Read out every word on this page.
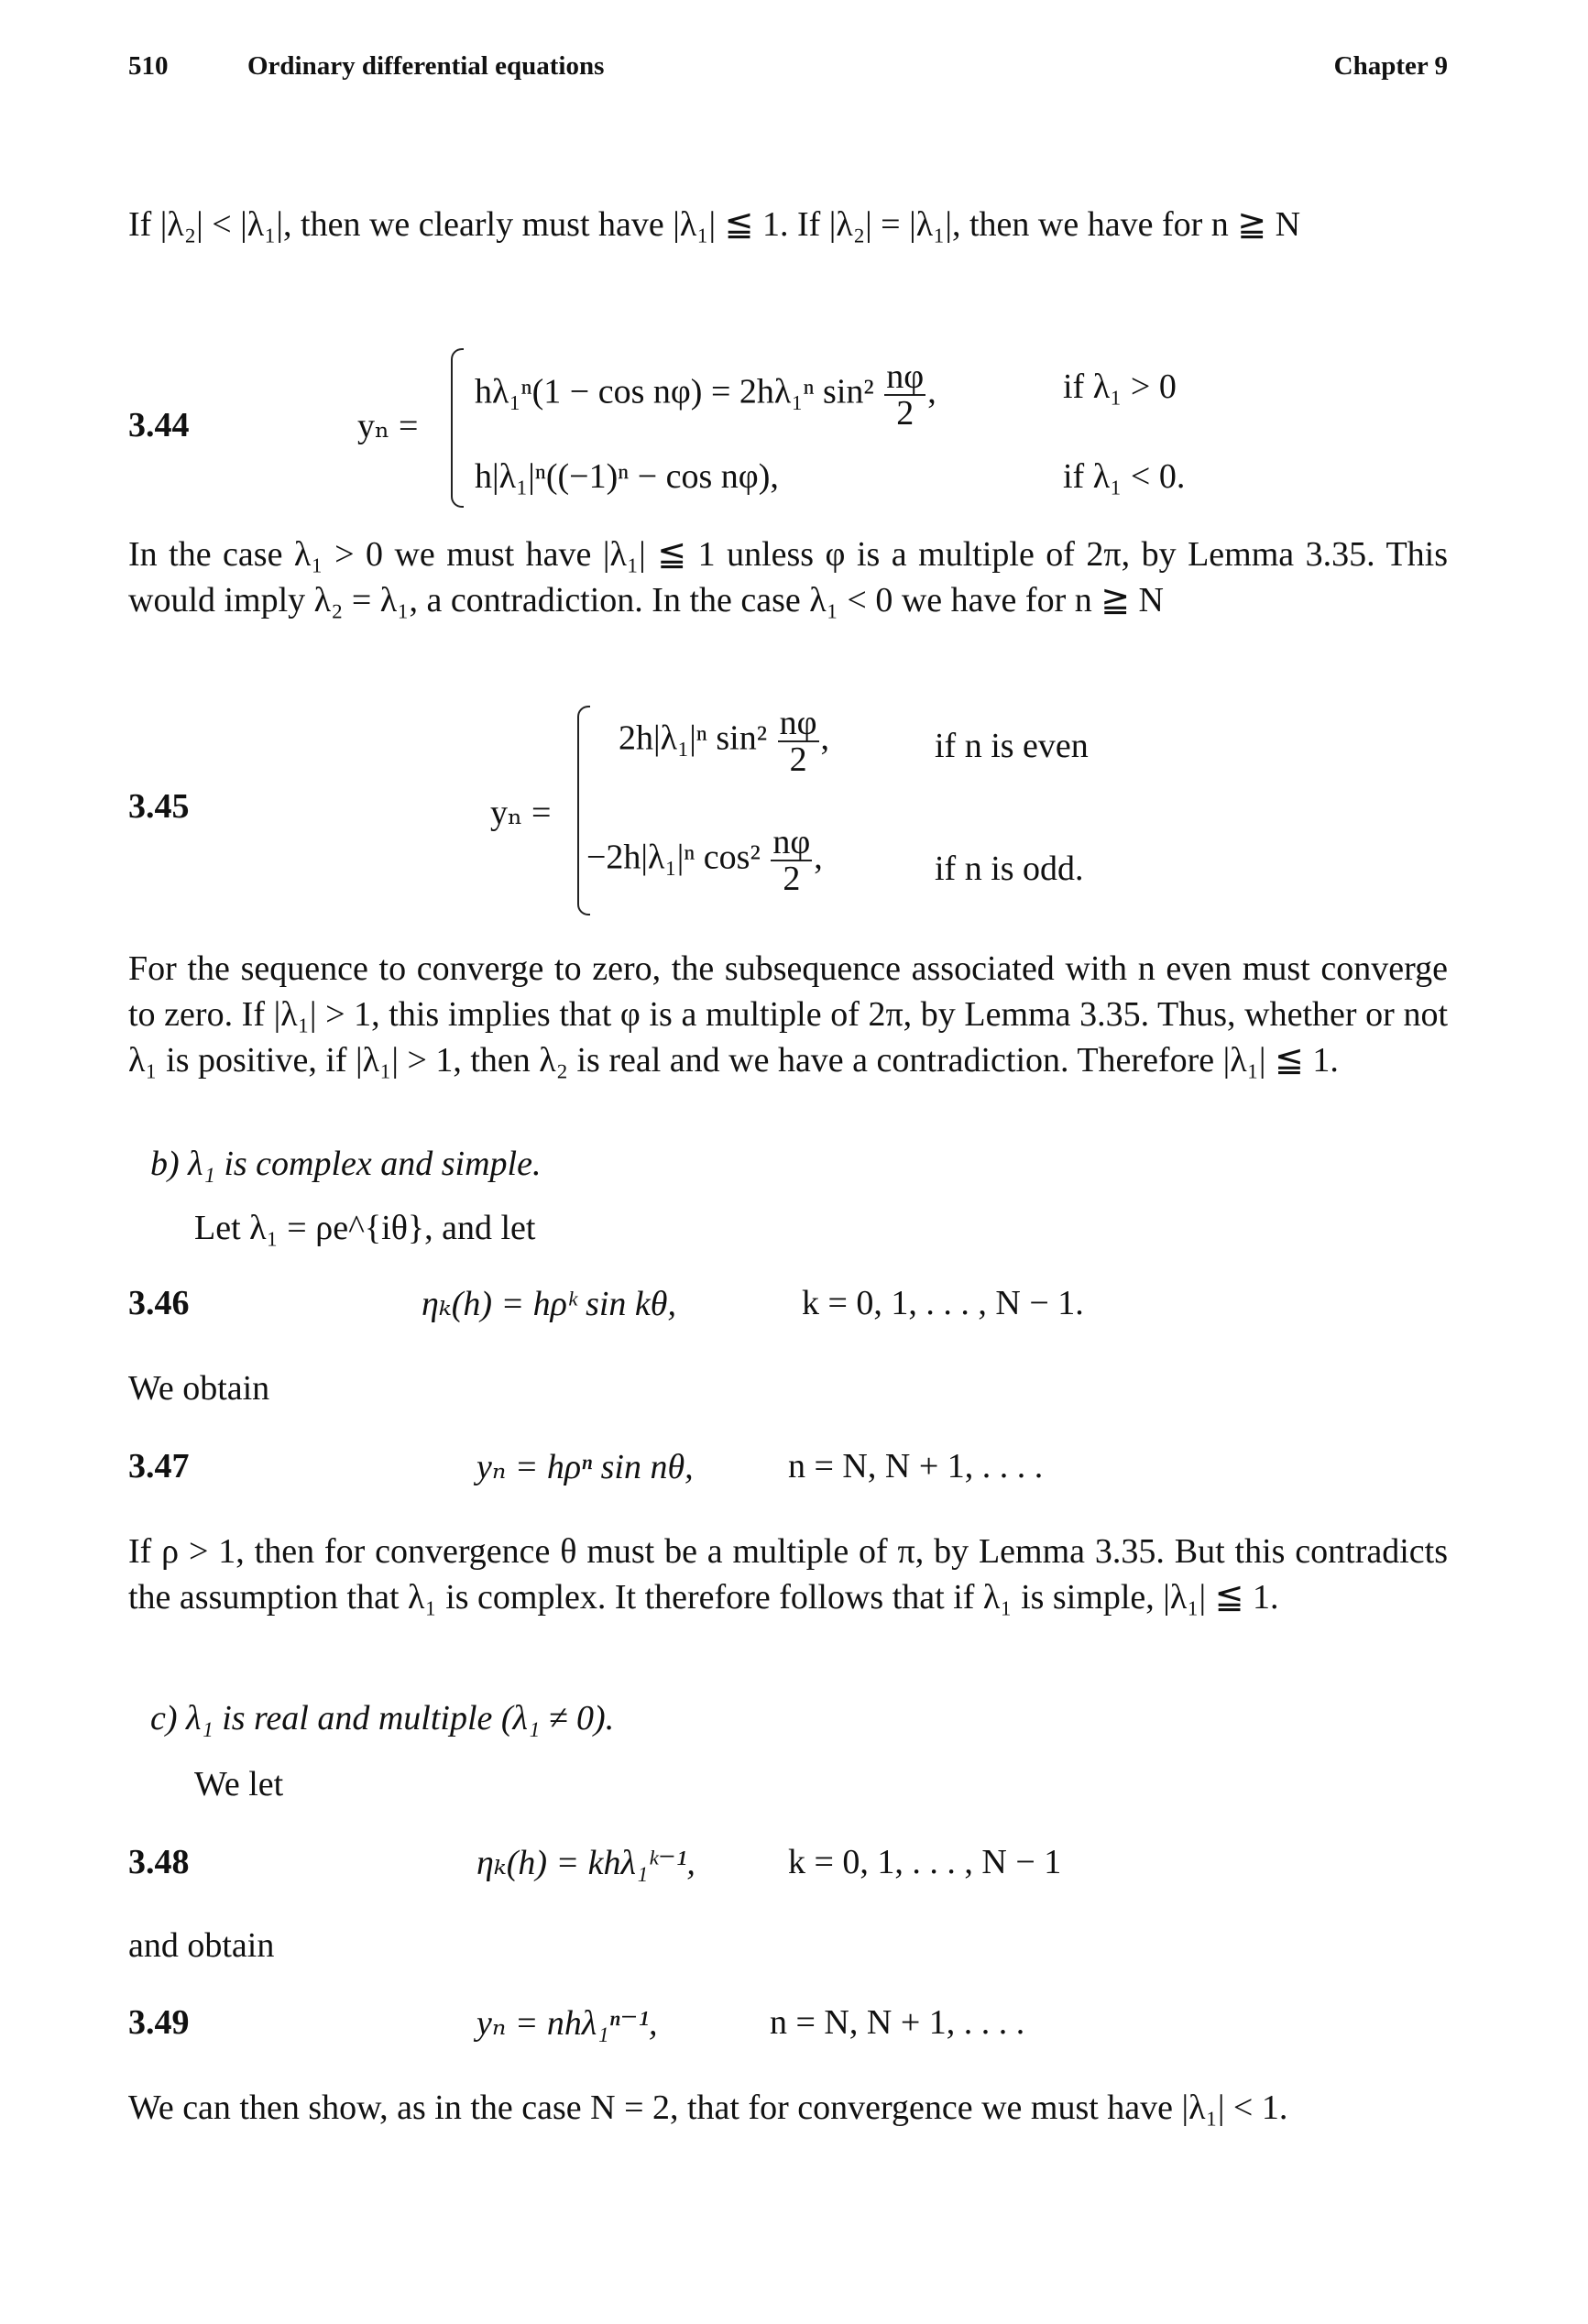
510	Ordinary differential equations	Chapter 9

If |λ₂| < |λ₁|, then we clearly must have |λ₁| ≦ 1. If |λ₂| = |λ₁|, then we have for n ≧ N

3.44	yₙ =
hλ₁ⁿ(1 − cos nφ) = 2hλ₁ⁿ $\sin^2 \frac{n\varphi}{2}$ ,	if λ₁ > 0
h|λ₁|ⁿ((−1)ⁿ − cos nφ),	if λ₁ < 0.

In the case λ₁ > 0 we must have |λ₁| ≦ 1 unless φ is a multiple of 2π, by Lemma 3.35. This would imply λ₂ = λ₁, a contradiction. In the case λ₁ < 0 we have for n ≧ N

3.45	yₙ =
2h|λ₁|ⁿ $\sin^2 \frac{n\varphi}{2}$ ,	if n is even
−2h|λ₁|ⁿ $\cos^2 \frac{n\varphi}{2}$ ,	if n is odd.

For the sequence to converge to zero, the subsequence associated with n even must converge to zero. If |λ₁| > 1, this implies that φ is a multiple of 2π, by Lemma 3.35. Thus, whether or not λ₁ is positive, if |λ₁| > 1, then λ₂ is real and we have a contradiction. Therefore |λ₁| ≦ 1.

b) λ₁ is complex and simple.
Let λ₁ = ρe^{iθ}, and let
3.46	ηₖ(h) = hρᵏ sin kθ,	k = 0, 1, . . . , N − 1.
We obtain
3.47	yₙ = hρⁿ sin nθ,	n = N, N + 1, . . . .

If ρ > 1, then for convergence θ must be a multiple of π, by Lemma 3.35. But this contradicts the assumption that λ₁ is complex. It therefore follows that if λ₁ is simple, |λ₁| ≦ 1.

c) λ₁ is real and multiple (λ₁ ≠ 0).
We let
3.48	ηₖ(h) = khλ₁ᵏ⁻¹,	k = 0, 1, . . . , N − 1
and obtain
3.49	yₙ = nhλ₁ⁿ⁻¹,	n = N, N + 1, . . . .

We can then show, as in the case N = 2, that for convergence we must have |λ₁| < 1.
